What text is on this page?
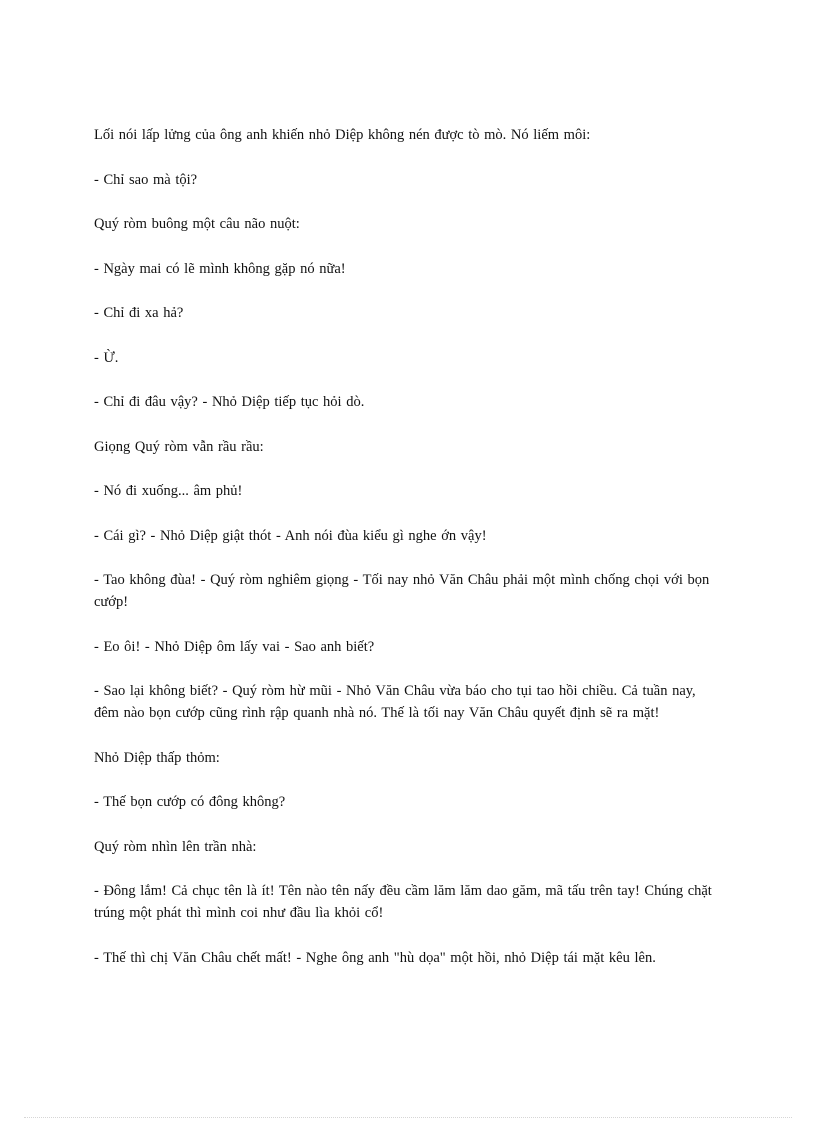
Lối nói lấp lửng của ông anh khiến nhỏ Diệp không nén được tò mò. Nó liếm môi:

- Chỉ sao mà tội?

Quý ròm buông một câu não nuột:

- Ngày mai có lẽ mình không gặp nó nữa!

- Chỉ đi xa hả?

- Ừ.

- Chỉ đi đâu vậy? - Nhỏ Diệp tiếp tục hỏi dò.

Giọng Quý ròm vẫn rầu rầu:

- Nó đi xuống... âm phủ!

- Cái gì? - Nhỏ Diệp giật thót - Anh nói đùa kiểu gì nghe ớn vậy!

- Tao không đùa! - Quý ròm nghiêm giọng - Tối nay nhỏ Văn Châu phải một mình chống chọi với bọn cướp!

- Eo ôi! - Nhỏ Diệp ôm lấy vai - Sao anh biết?

- Sao lại không biết? - Quý ròm hừ mũi - Nhỏ Văn Châu vừa báo cho tụi tao hồi chiều. Cả tuần nay, đêm nào bọn cướp cũng rình rập quanh nhà nó. Thế là tối nay Văn Châu quyết định sẽ ra mặt!

Nhỏ Diệp thấp thỏm:

- Thế bọn cướp có đông không?

Quý ròm nhìn lên trần nhà:

- Đông lắm! Cả chục tên là ít! Tên nào tên nấy đều cầm lăm lăm dao găm, mã tấu trên tay! Chúng chặt trúng một phát thì mình coi như đầu lìa khỏi cổ!

- Thế thì chị Văn Châu chết mất! - Nghe ông anh "hù dọa" một hồi, nhỏ Diệp tái mặt kêu lên.
